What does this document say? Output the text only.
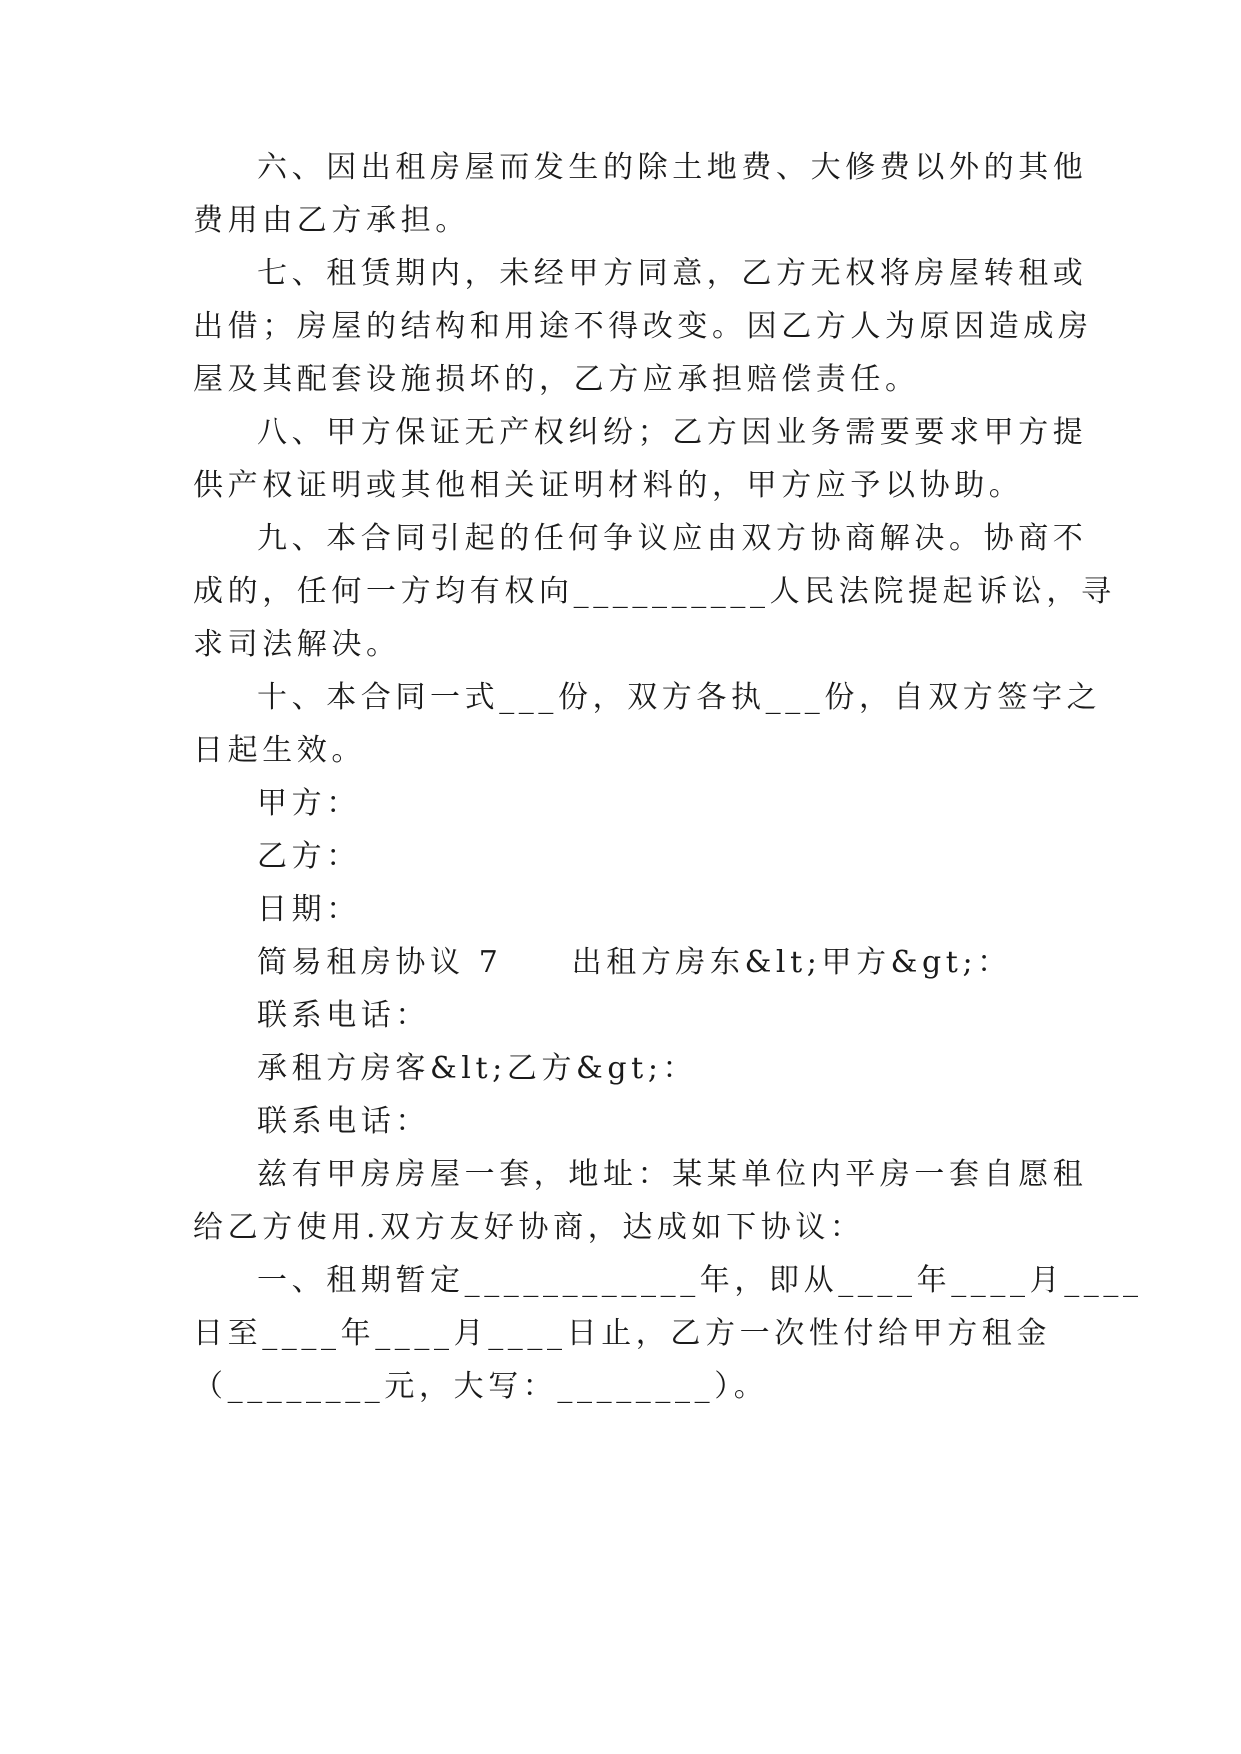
六、因出租房屋而发生的除土地费、大修费以外的其他
费用由乙方承担。
七、租赁期内，未经甲方同意，乙方无权将房屋转租或
出借；房屋的结构和用途不得改变。因乙方人为原因造成房
屋及其配套设施损坏的，乙方应承担赔偿责任。
八、甲方保证无产权纠纷；乙方因业务需要要求甲方提
供产权证明或其他相关证明材料的，甲方应予以协助。
九、本合同引起的任何争议应由双方协商解决。协商不
成的，任何一方均有权向__________人民法院提起诉讼，寻
求司法解决。
十、本合同一式___份，双方各执___份，自双方签字之
日起生效。
甲方：
乙方：
日期：
简易租房协议 7　　出租方房东&lt;甲方&gt;：
联系电话：
承租方房客&lt;乙方&gt;：
联系电话：
兹有甲房房屋一套，地址：某某单位内平房一套自愿租
给乙方使用.双方友好协商，达成如下协议：
一、租期暂定____________年，即从____年____月____
日至____年____月____日止，乙方一次性付给甲方租金
（________元，大写：________）。
